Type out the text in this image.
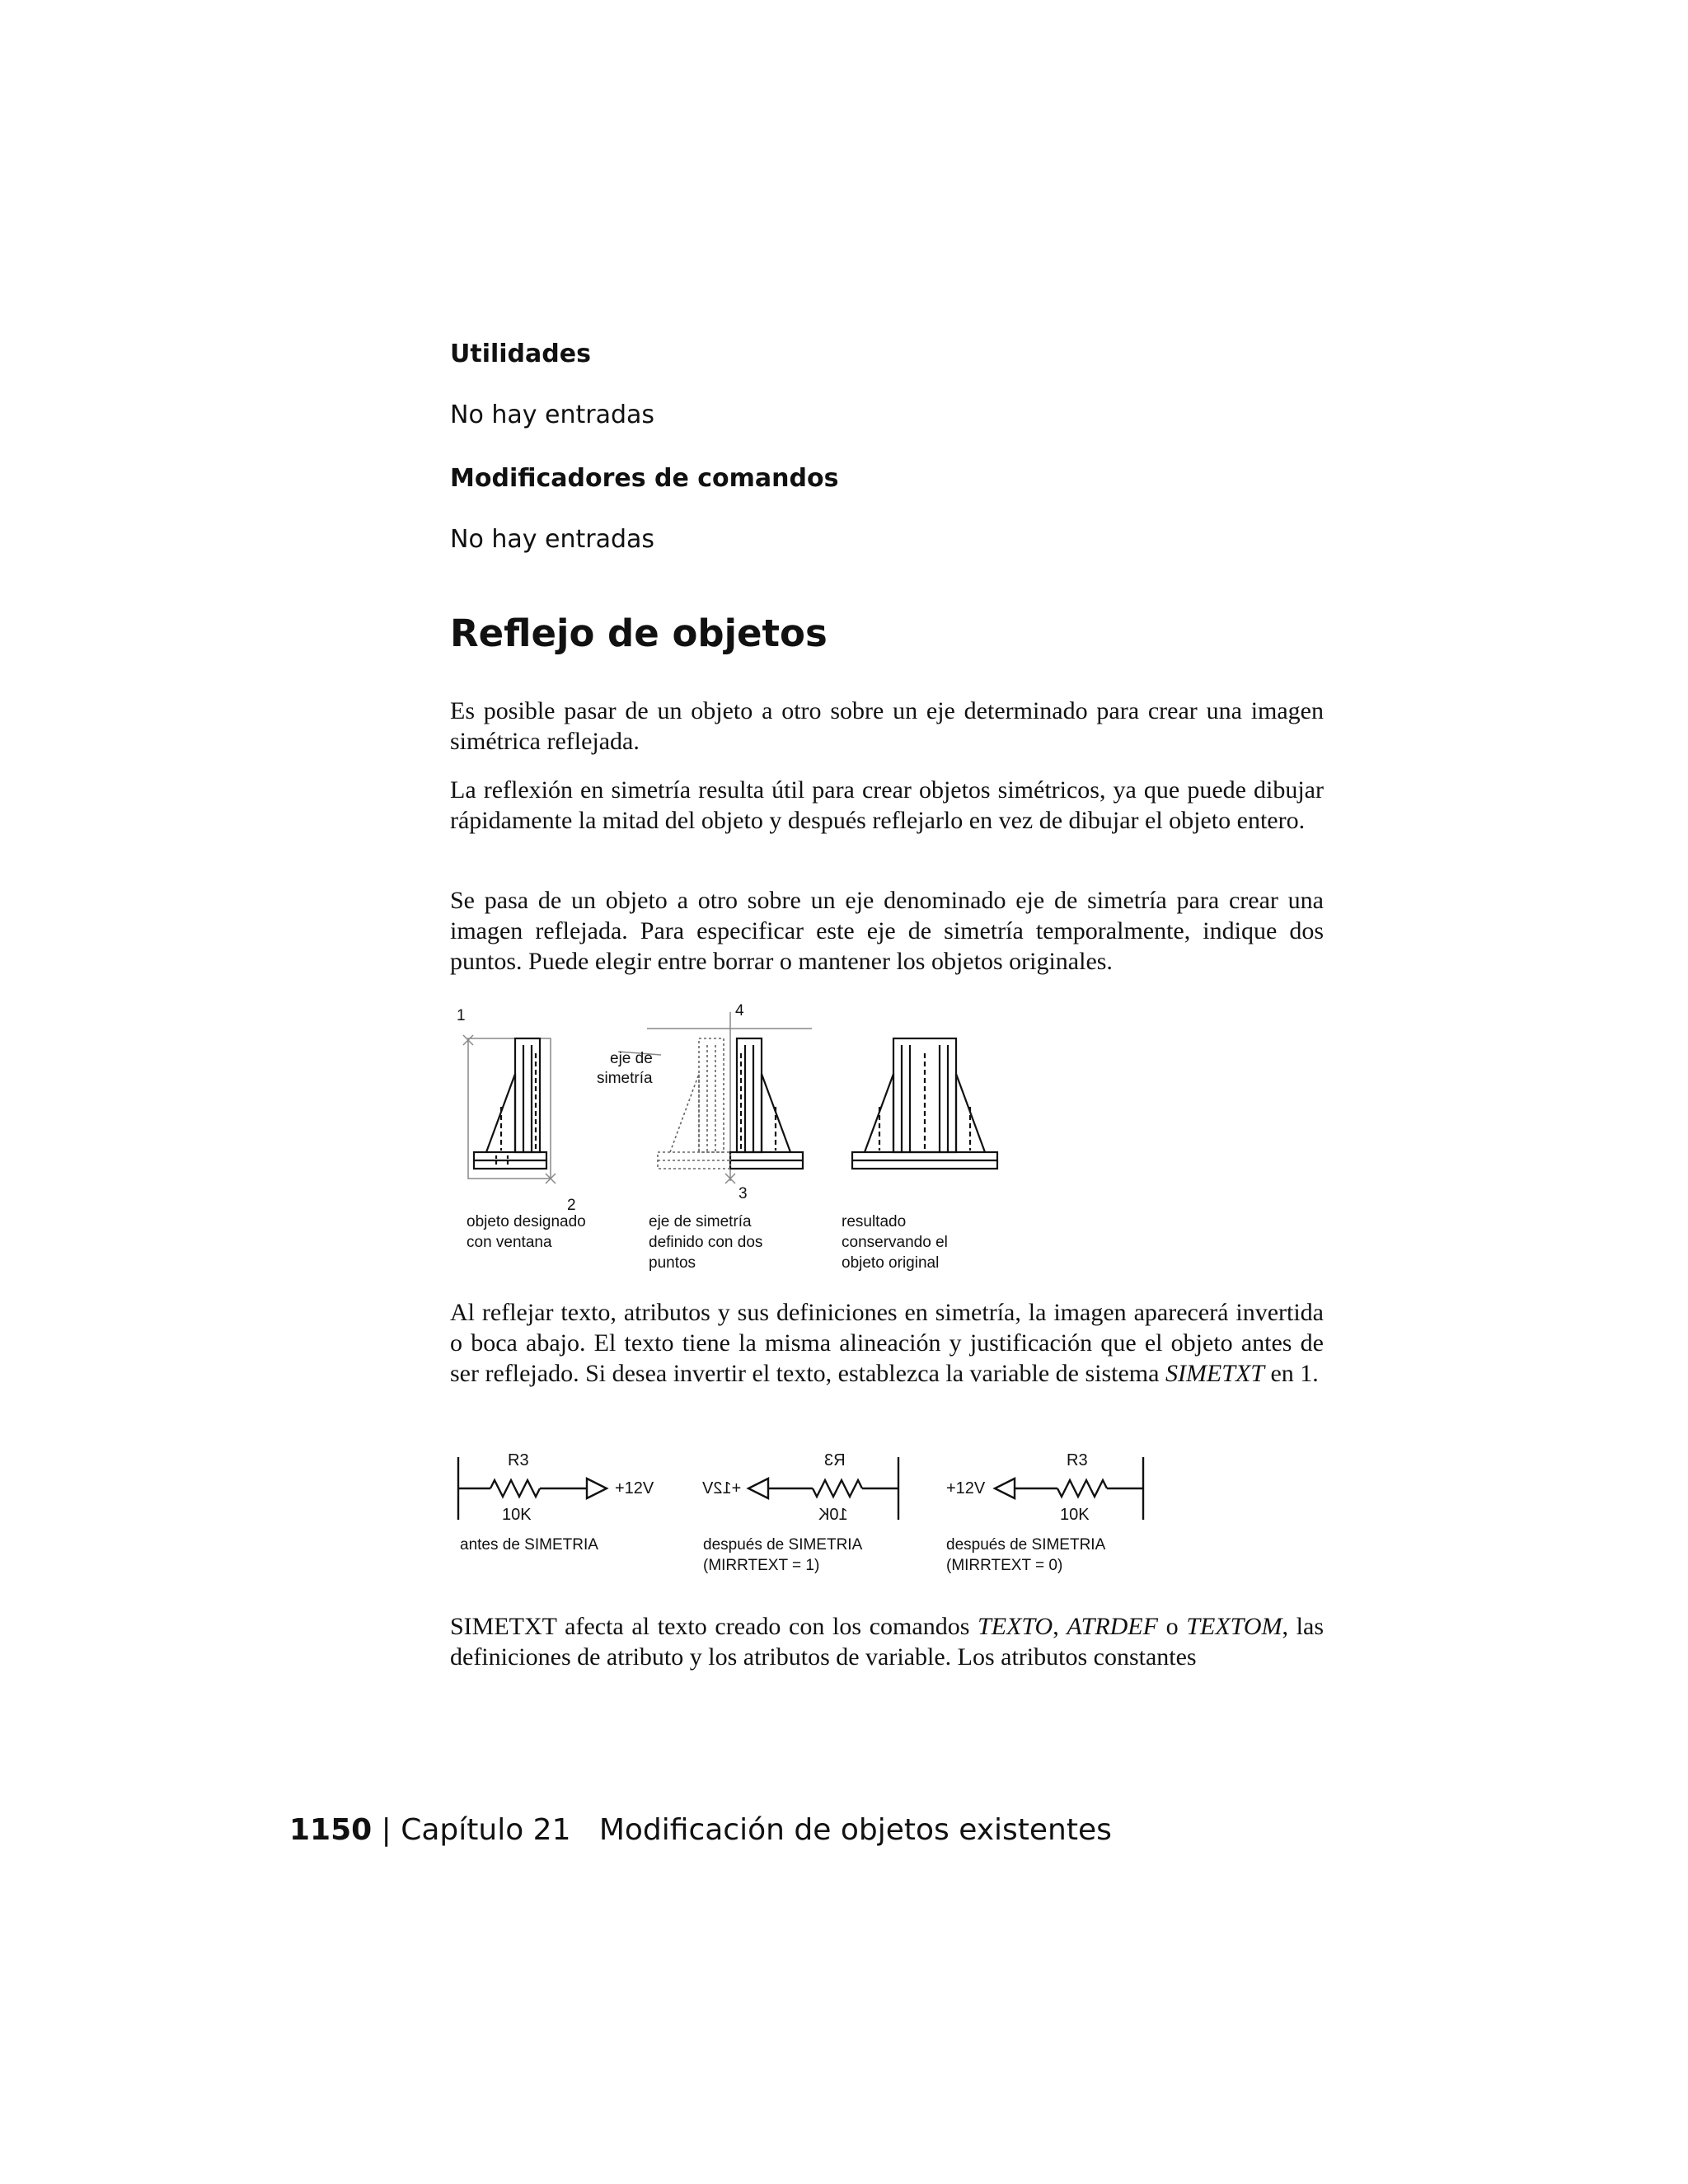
Utilidades
No hay entradas
Modificadores de comandos
No hay entradas
Reflejo de objetos

Es posible pasar de un objeto a otro sobre un eje determinado para crear una imagen simétrica reflejada.

La reflexión en simetría resulta útil para crear objetos simétricos, ya que puede dibujar rápidamente la mitad del objeto y después reflejarlo en vez de dibujar el objeto entero.

Se pasa de un objeto a otro sobre un eje denominado eje de simetría para crear una imagen reflejada. Para especificar este eje de simetría temporalmente, indique dos puntos. Puede elegir entre borrar o mantener los objetos originales.

1	4
2
3
eje de
simetría
objeto designado
con ventana
eje de simetría
definido con dos
puntos
resultado
conservando el
objeto original

Al reflejar texto, atributos y sus definiciones en simetría, la imagen aparecerá invertida o boca abajo. El texto tiene la misma alineación y justificación que el objeto antes de ser reflejado. Si desea invertir el texto, establezca la variable de sistema SIMETXT en 1.

R3
10K
+12V
R3
10K
+12V
R3
10K
+12V
antes de SIMETRIA	después de SIMETRIA
(MIRRTEXT = 1)
después de SIMETRIA
(MIRRTEXT = 0)

SIMETXT afecta al texto creado con los comandos TEXTO, ATRDEF o TEXTOM, las definiciones de atributo y los atributos de variable. Los atributos constantes

1150 | Capítulo 21 Modificación de objetos existentes
